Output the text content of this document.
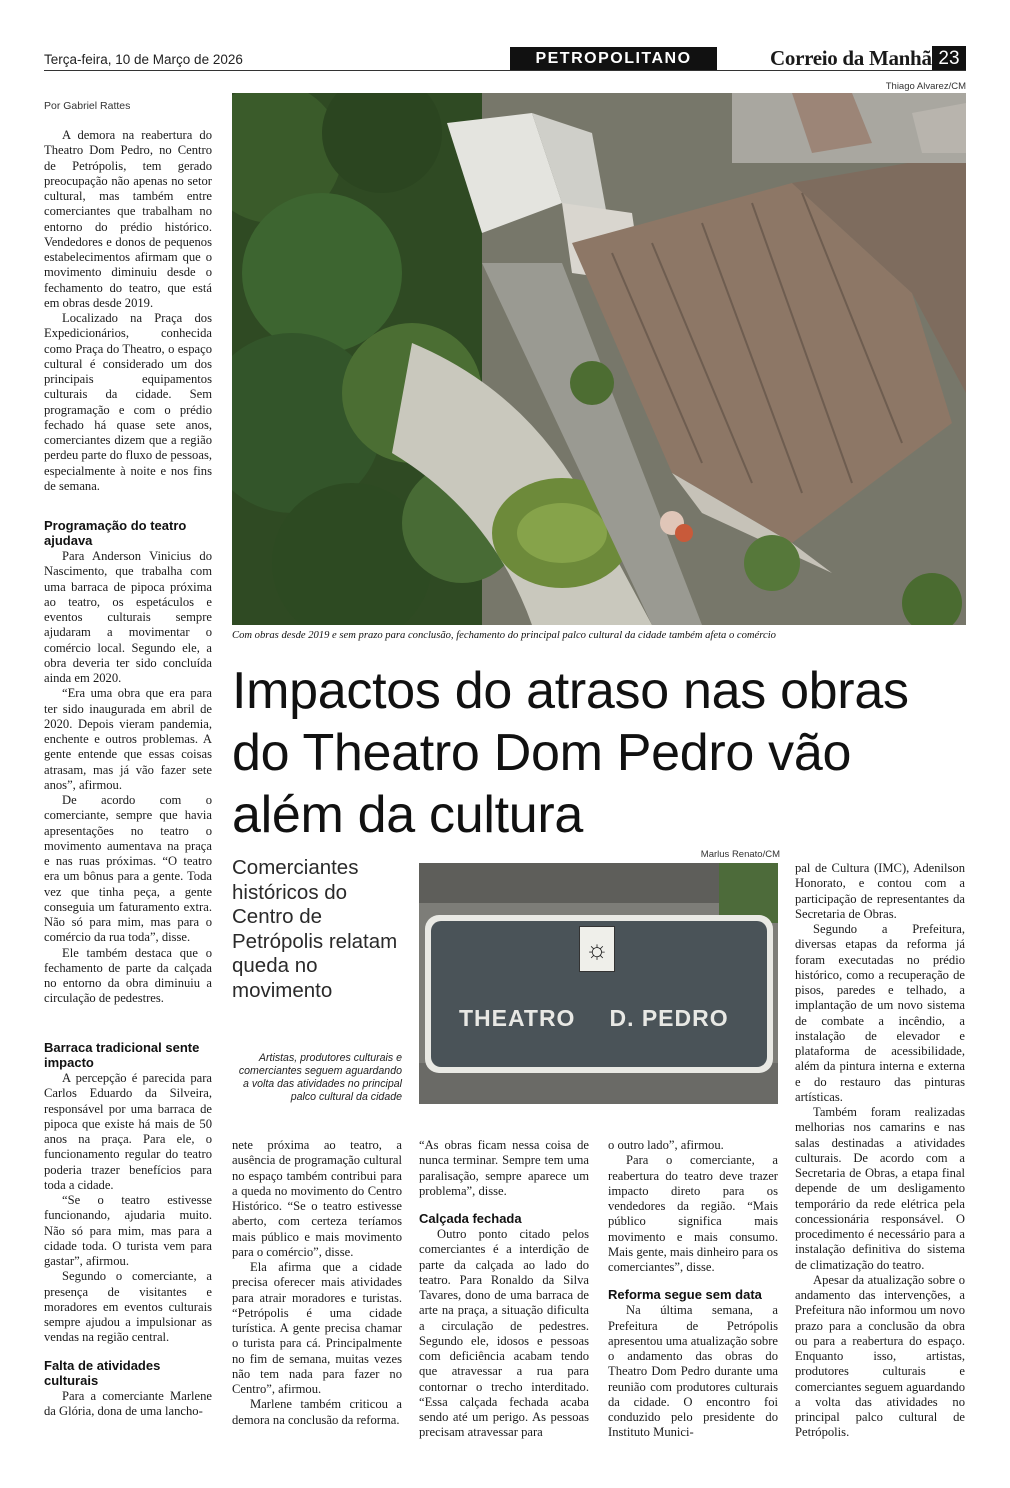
Terça-feira, 10 de Março de 2026	PETROPOLITANO	Correio da Manhã 23
Thiago Alvarez/CM
Com obras desde 2019 e sem prazo para conclusão, fechamento do principal palco cultural da cidade também afeta o comércio
Por Gabriel Rattes

A demora na reabertura do Theatro Dom Pedro, no Centro de Petrópolis, tem gerado preocupação não apenas no setor cultural, mas também entre comerciantes que trabalham no entorno do prédio histórico. Vendedores e donos de pequenos estabelecimentos afirmam que o movimento diminuiu desde o fechamento do teatro, que está em obras desde 2019.

Localizado na Praça dos Expedicionários, conhecida como Praça do Theatro, o espaço cultural é considerado um dos principais equipamentos culturais da cidade. Sem programação e com o prédio fechado há quase sete anos, comerciantes dizem que a região perdeu parte do fluxo de pessoas, especialmente à noite e nos fins de semana.

Programação do teatro ajudava

Para Anderson Vinicius do Nascimento, que trabalha com uma barraca de pipoca próxima ao teatro, os espetáculos e eventos culturais sempre ajudaram a movimentar o comércio local. Segundo ele, a obra deveria ter sido concluída ainda em 2020.

“Era uma obra que era para ter sido inaugurada em abril de 2020. Depois vieram pandemia, enchente e outros problemas. A gente entende que essas coisas atrasam, mas já vão fazer sete anos”, afirmou.

De acordo com o comerciante, sempre que havia apresentações no teatro o movimento aumentava na praça e nas ruas próximas. “O teatro era um bônus para a gente. Toda vez que tinha peça, a gente conseguia um faturamento extra. Não só para mim, mas para o comércio da rua toda”, disse.

Ele também destaca que o fechamento de parte da calçada no entorno da obra diminuiu a circulação de pedestres.

Barraca tradicional sente impacto

A percepção é parecida para Carlos Eduardo da Silveira, responsável por uma barraca de pipoca que existe há mais de 50 anos na praça. Para ele, o funcionamento regular do teatro poderia trazer benefícios para toda a cidade.

“Se o teatro estivesse funcionando, ajudaria muito. Não só para mim, mas para a cidade toda. O turista vem para gastar”, afirmou.

Segundo o comerciante, a presença de visitantes e moradores em eventos culturais sempre ajudou a impulsionar as vendas na região central.

Falta de atividades culturais

Para a comerciante Marlene da Glória, dona de uma lancho-

Impactos do atraso nas obras do Theatro Dom Pedro vão além da cultura
Comerciantes históricos do Centro de Petrópolis relatam queda no movimento
Marlus Renato/CM
☼
THEATRO D. PEDRO
Artistas, produtores culturais e comerciantes seguem aguardando a volta das atividades no principal palco cultural da cidade

nete próxima ao teatro, a ausência de programação cultural no espaço também contribui para a queda no movimento do Centro Histórico. “Se o teatro estivesse aberto, com certeza teríamos mais público e mais movimento para o comércio”, disse.

Ela afirma que a cidade precisa oferecer mais atividades para atrair moradores e turistas. “Petrópolis é uma cidade turística. A gente precisa chamar o turista para cá. Principalmente no fim de semana, muitas vezes não tem nada para fazer no Centro”, afirmou.

Marlene também criticou a demora na conclusão da reforma.

“As obras ficam nessa coisa de nunca terminar. Sempre tem uma paralisação, sempre aparece um problema”, disse.

Calçada fechada

Outro ponto citado pelos comerciantes é a interdição de parte da calçada ao lado do teatro. Para Ronaldo da Silva Tavares, dono de uma barraca de arte na praça, a situação dificulta a circulação de pedestres. Segundo ele, idosos e pessoas com deficiência acabam tendo que atravessar a rua para contornar o trecho interditado. “Essa calçada fechada acaba sendo até um perigo. As pessoas precisam atravessar para

o outro lado”, afirmou.

Para o comerciante, a reabertura do teatro deve trazer impacto direto para os vendedores da região. “Mais público significa mais movimento e mais consumo. Mais gente, mais dinheiro para os comerciantes”, disse.

Reforma segue sem data

Na última semana, a Prefeitura de Petrópolis apresentou uma atualização sobre o andamento das obras do Theatro Dom Pedro durante uma reunião com produtores culturais da cidade. O encontro foi conduzido pelo presidente do Instituto Munici-

pal de Cultura (IMC), Adenilson Honorato, e contou com a participação de representantes da Secretaria de Obras.

Segundo a Prefeitura, diversas etapas da reforma já foram executadas no prédio histórico, como a recuperação de pisos, paredes e telhado, a implantação de um novo sistema de combate a incêndio, a instalação de elevador e plataforma de acessibilidade, além da pintura interna e externa e do restauro das pinturas artísticas.

Também foram realizadas melhorias nos camarins e nas salas destinadas a atividades culturais. De acordo com a Secretaria de Obras, a etapa final depende de um desligamento temporário da rede elétrica pela concessionária responsável. O procedimento é necessário para a instalação definitiva do sistema de climatização do teatro.

Apesar da atualização sobre o andamento das intervenções, a Prefeitura não informou um novo prazo para a conclusão da obra ou para a reabertura do espaço. Enquanto isso, artistas, produtores culturais e comerciantes seguem aguardando a volta das atividades no principal palco cultural de Petrópolis.
